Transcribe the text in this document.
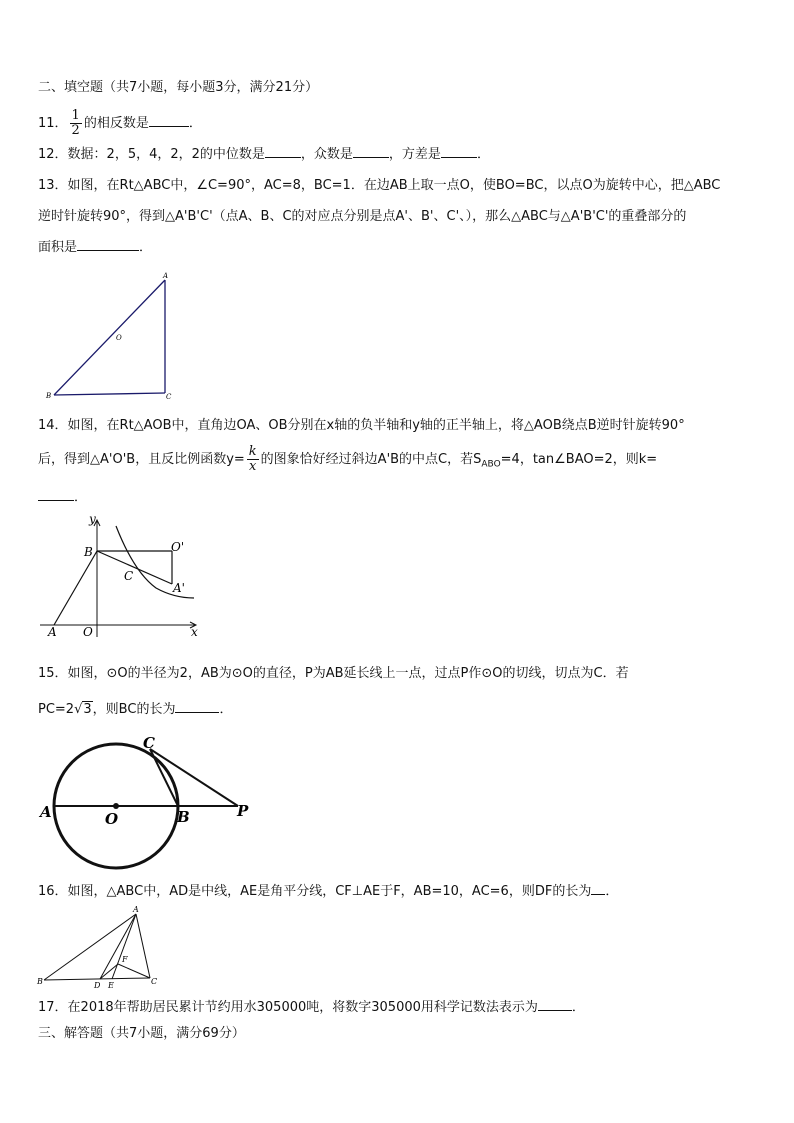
二、填空题（共7小题，每小题3分，满分21分）
11． $\frac{1}{2}$ 的相反数是	．
12．数据：2，5，4，2，2的中位数是	，众数是	，方差是	．
13．如图，在Rt△ABC中，∠C=90°，AC=8，BC=1．在边AB上取一点O，使BO=BC，以点O为旋转中心，把△ABC
逆时针旋转90°，得到△A'B'C'（点A、B、C的对应点分别是点A'、B'、C'、），那么△ABC与△A'B'C'的重叠部分的
面积是	．
A
O
B	C
14．如图，在Rt△AOB中，直角边OA、OB分别在x轴的负半轴和y轴的正半轴上，将△AOB绕点B逆时针旋转90°
后，得到△A'O'B，且反比例函数$y= \frac{k}{x}$ 的图象恰好经过斜边A'B的中点C，若$S_{ABO}=4$，tan∠BAO=2，则k=
．
y
x
B	O'
C
A'
A O
15．如图，⊙O的半径为2，AB为⊙O的直径，P为AB延长线上一点，过点P作⊙O的切线，切点为C．若
PC=2√3，则BC的长为	．
A	O	B
C
P
16．如图，△ABC中，AD是中线，AE是角平分线，CF⊥AE于F，AB=10，AC=6，则DF的长为 ．
A
B	C
D E
F
17．在2018年帮助居民累计节约用水305000吨，将数字305000用科学记数法表示为	．
三、解答题（共7小题，满分69分）
